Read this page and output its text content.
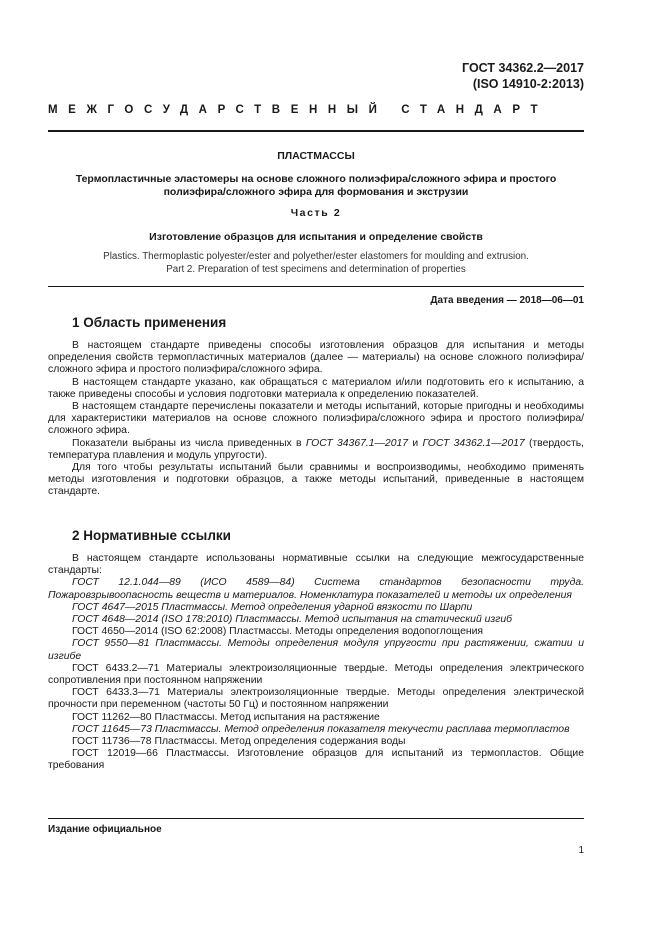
ГОСТ 34362.2—2017
(ISO 14910-2:2013)
МЕЖГОСУДАРСТВЕННЫЙ СТАНДАРТ
ПЛАСТМАССЫ
Термопластичные эластомеры на основе сложного полиэфира/сложного эфира и простого
полиэфира/сложного эфира для формования и экструзии
Часть 2
Изготовление образцов для испытания и определение свойств
Plastics. Thermoplastic polyester/ester and polyether/ester elastomers for moulding and extrusion.
Part 2. Preparation of test specimens and determination of properties
Дата введения — 2018—06—01
1 Область применения

В настоящем стандарте приведены способы изготовления образцов для испытания и методы определения свойств термопластичных материалов (далее — материалы) на основе сложного полиэфира/сложного эфира и простого полиэфира/сложного эфира.

В настоящем стандарте указано, как обращаться с материалом и/или подготовить его к испытанию, а также приведены способы и условия подготовки материала к определению показателей.

В настоящем стандарте перечислены показатели и методы испытаний, которые пригодны и необходимы для характеристики материалов на основе сложного полиэфира/сложного эфира и простого полиэфира/сложного эфира.

Показатели выбраны из числа приведенных в ГОСТ 34367.1—2017 и ГОСТ 34362.1—2017 (твердость, температура плавления и модуль упругости).

Для того чтобы результаты испытаний были сравнимы и воспроизводимы, необходимо применять методы изготовления и подготовки образцов, а также методы испытаний, приведенные в настоящем стандарте.

2 Нормативные ссылки

В настоящем стандарте использованы нормативные ссылки на следующие межгосударственные стандарты:

ГОСТ 12.1.044—89 (ИСО 4589—84) Система стандартов безопасности труда. Пожаровзрывоопасность веществ и материалов. Номенклатура показателей и методы их определения

ГОСТ 4647—2015 Пластмассы. Метод определения ударной вязкости по Шарпи

ГОСТ 4648—2014 (ISO 178:2010) Пластмассы. Метод испытания на статический изгиб

ГОСТ 4650—2014 (ISO 62:2008) Пластмассы. Методы определения водопоглощения

ГОСТ 9550—81 Пластмассы. Методы определения модуля упругости при растяжении, сжатии и изгибе

ГОСТ 6433.2—71 Материалы электроизоляционные твердые. Методы определения электрического сопротивления при постоянном напряжении

ГОСТ 6433.3—71 Материалы электроизоляционные твердые. Методы определения электрической прочности при переменном (частоты 50 Гц) и постоянном напряжении

ГОСТ 11262—80 Пластмассы. Метод испытания на растяжение

ГОСТ 11645—73 Пластмассы. Метод определения показателя текучести расплава термопластов

ГОСТ 11736—78 Пластмассы. Метод определения содержания воды

ГОСТ 12019—66 Пластмассы. Изготовление образцов для испытаний из термопластов. Общие требования

Издание официальное
1
